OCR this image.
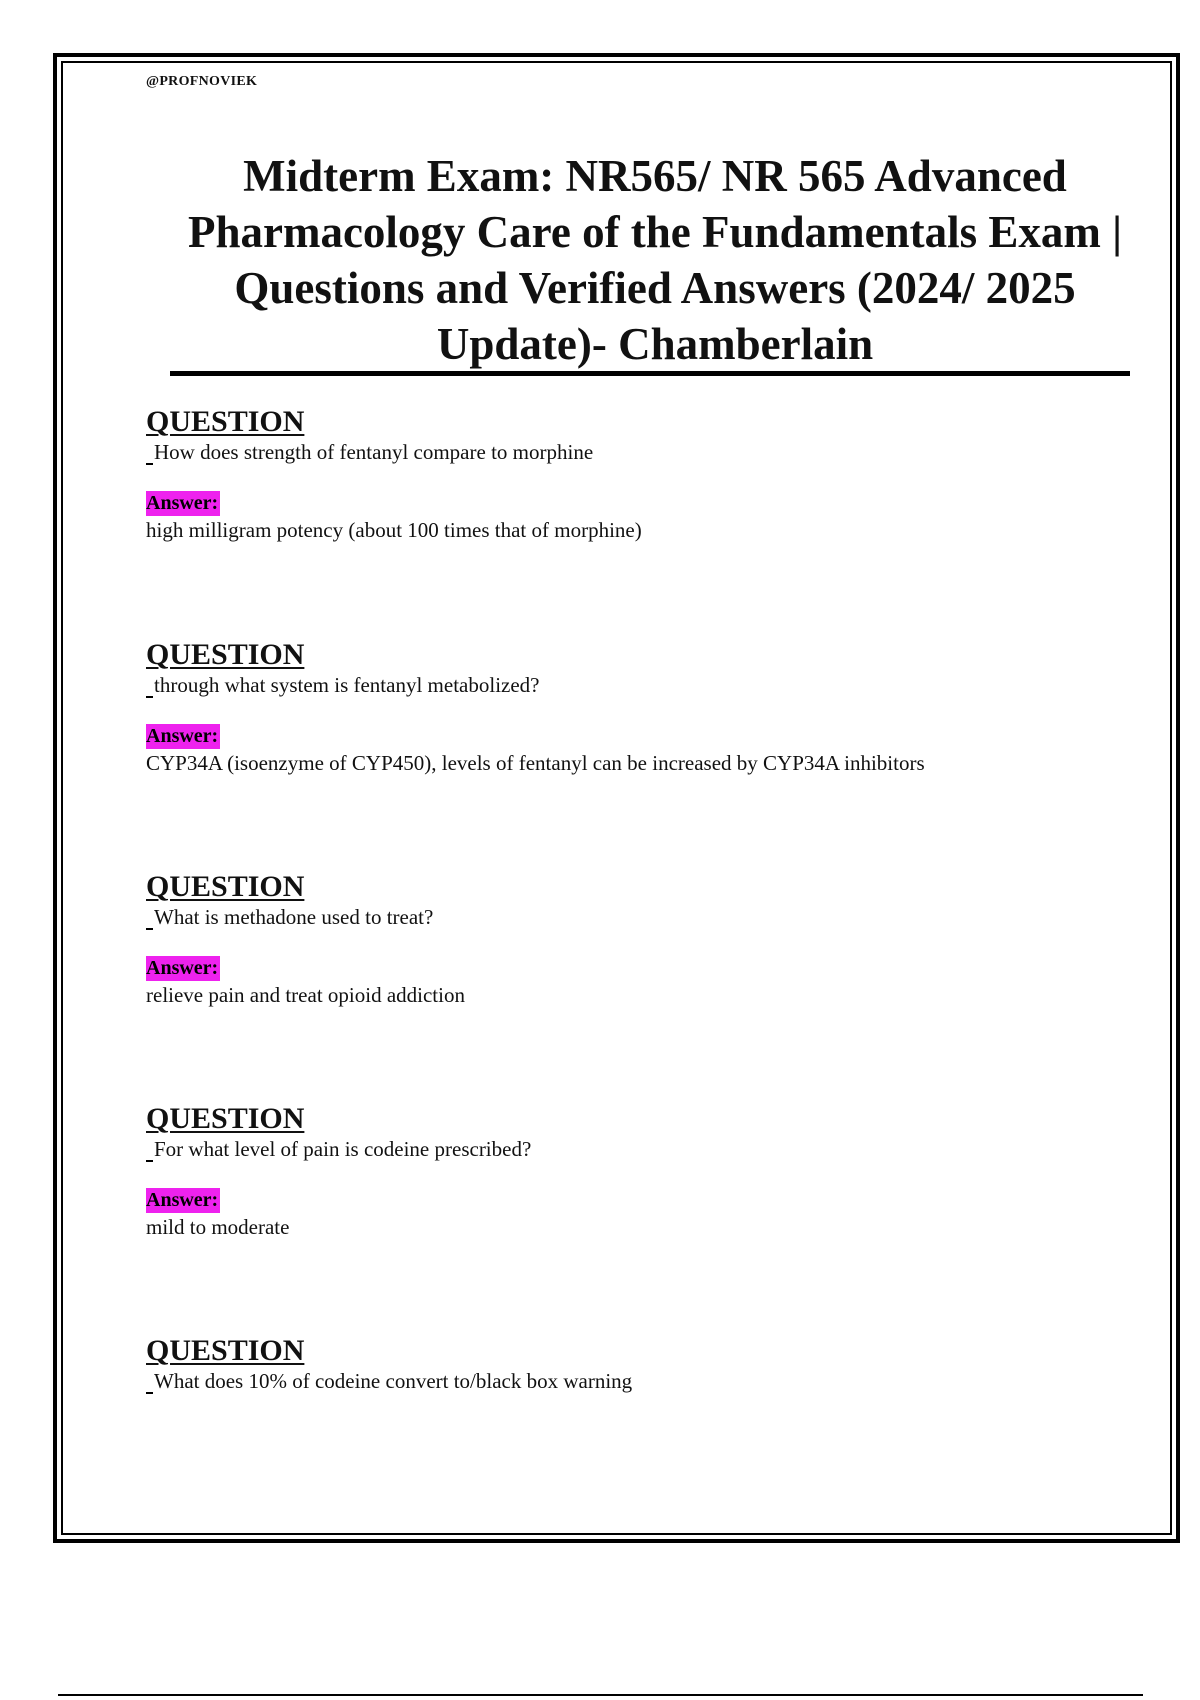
@PROFNOVIEK
Midterm Exam: NR565/ NR 565 Advanced Pharmacology Care of the Fundamentals Exam | Questions and Verified Answers (2024/ 2025 Update)- Chamberlain
QUESTION
How does strength of fentanyl compare to morphine
Answer:
high milligram potency (about 100 times that of morphine)
QUESTION
through what system is fentanyl metabolized?
Answer:
CYP34A (isoenzyme of CYP450), levels of fentanyl can be increased by CYP34A inhibitors
QUESTION
What is methadone used to treat?
Answer:
relieve pain and treat opioid addiction
QUESTION
For what level of pain is codeine prescribed?
Answer:
mild to moderate
QUESTION
What does 10% of codeine convert to/black box warning
